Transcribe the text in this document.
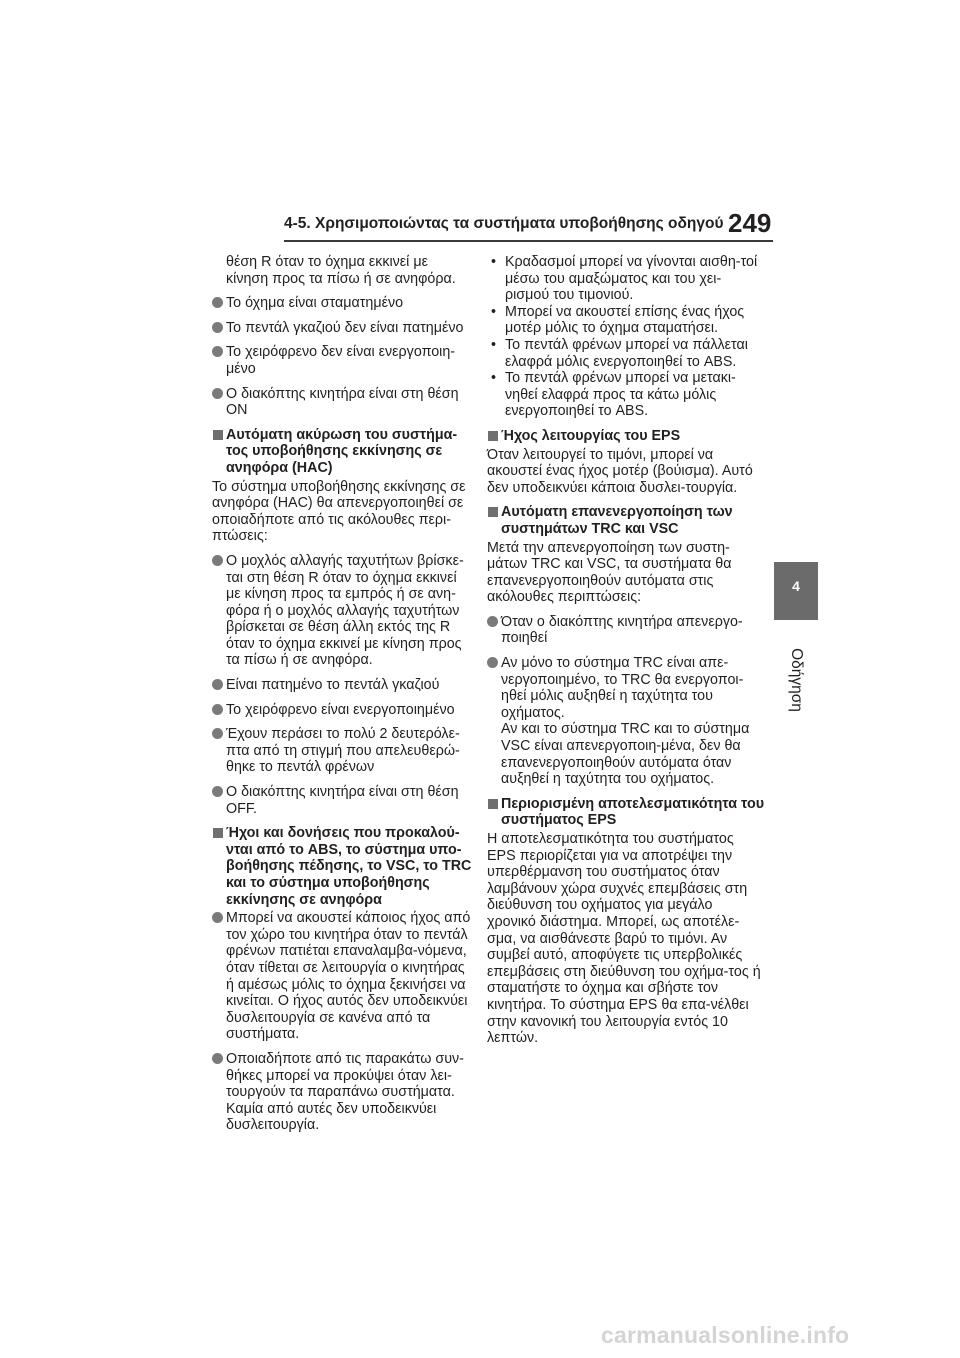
4-5. Χρησιμοποιώντας τα συστήματα υποβοήθησης οδηγού 249
4
Οδήγηση

θέση R όταν το όχημα εκκινεί με κίνηση προς τα πίσω ή σε ανηφόρα.

Το όχημα είναι σταματημένο
Το πεντάλ γκαζιού δεν είναι πατημένο
Το χειρόφρενο δεν είναι ενεργοποιη-μένο
Ο διακόπτης κινητήρα είναι στη θέση ΟΝ
Αυτόματη ακύρωση του συστήμα-τος υποβοήθησης εκκίνησης σε ανηφόρα (HAC)

Το σύστημα υποβοήθησης εκκίνησης σε ανηφόρα (HAC) θα απενεργοποιηθεί σε οποιαδήποτε από τις ακόλουθες περι-πτώσεις:

Ο μοχλός αλλαγής ταχυτήτων βρίσκε-ται στη θέση R όταν το όχημα εκκινεί με κίνηση προς τα εμπρός ή σε ανη-φόρα ή ο μοχλός αλλαγής ταχυτήτων βρίσκεται σε θέση άλλη εκτός της R όταν το όχημα εκκινεί με κίνηση προς τα πίσω ή σε ανηφόρα.
Είναι πατημένο το πεντάλ γκαζιού
Το χειρόφρενο είναι ενεργοποιημένο
Έχουν περάσει το πολύ 2 δευτερόλε-πτα από τη στιγμή που απελευθερώ-θηκε το πεντάλ φρένων
Ο διακόπτης κινητήρα είναι στη θέση OFF.
Ήχοι και δονήσεις που προκαλού-νται από το ABS, το σύστημα υπο-βοήθησης πέδησης, το VSC, το TRC και το σύστημα υποβοήθησης εκκίνησης σε ανηφόρα
Μπορεί να ακουστεί κάποιος ήχος από τον χώρο του κινητήρα όταν το πεντάλ φρένων πατιέται επαναλαμβα-νόμενα, όταν τίθεται σε λειτουργία ο κινητήρας ή αμέσως μόλις το όχημα ξεκινήσει να κινείται. Ο ήχος αυτός δεν υποδεικνύει δυσλειτουργία σε κανένα από τα συστήματα.
Οποιαδήποτε από τις παρακάτω συν-θήκες μπορεί να προκύψει όταν λει-τουργούν τα παραπάνω συστήματα. Καμία από αυτές δεν υποδεικνύει δυσλειτουργία.
• Κραδασμοί μπορεί να γίνονται αισθη-τοί μέσω του αμαξώματος και του χει-ρισμού του τιμονιού.
• Μπορεί να ακουστεί επίσης ένας ήχος μοτέρ μόλις το όχημα σταματήσει.
• Το πεντάλ φρένων μπορεί να πάλλεται ελαφρά μόλις ενεργοποιηθεί το ABS.
• Το πεντάλ φρένων μπορεί να μετακι-νηθεί ελαφρά προς τα κάτω μόλις ενεργοποιηθεί το ABS.
Ήχος λειτουργίας του EPS

Όταν λειτουργεί το τιμόνι, μπορεί να ακουστεί ένας ήχος μοτέρ (βούισμα). Αυτό δεν υποδεικνύει κάποια δυσλει-τουργία.

Αυτόματη επανενεργοποίηση των συστημάτων TRC και VSC

Μετά την απενεργοποίηση των συστη-μάτων TRC και VSC, τα συστήματα θα επανενεργοποιηθούν αυτόματα στις ακόλουθες περιπτώσεις:

Όταν ο διακόπτης κινητήρα απενεργο-ποιηθεί
Αν μόνο το σύστημα TRC είναι απε-νεργοποιημένο, το TRC θα ενεργοποι-ηθεί μόλις αυξηθεί η ταχύτητα του οχήματος.
Αν και το σύστημα TRC και το σύστημα VSC είναι απενεργοποιη-μένα, δεν θα επανενεργοποιηθούν αυτόματα όταν αυξηθεί η ταχύτητα του οχήματος.
Περιορισμένη αποτελεσματικότητα του συστήματος EPS

Η αποτελεσματικότητα του συστήματος EPS περιορίζεται για να αποτρέψει την υπερθέρμανση του συστήματος όταν λαμβάνουν χώρα συχνές επεμβάσεις στη διεύθυνση του οχήματος για μεγάλο χρονικό διάστημα. Μπορεί, ως αποτέλε-σμα, να αισθάνεστε βαρύ το τιμόνι. Αν συμβεί αυτό, αποφύγετε τις υπερβολικές επεμβάσεις στη διεύθυνση του οχήμα-τος ή σταματήστε το όχημα και σβήστε τον κινητήρα. Το σύστημα EPS θα επα-νέλθει στην κανονική του λειτουργία εντός 10 λεπτών.

carmanualsonline.info
